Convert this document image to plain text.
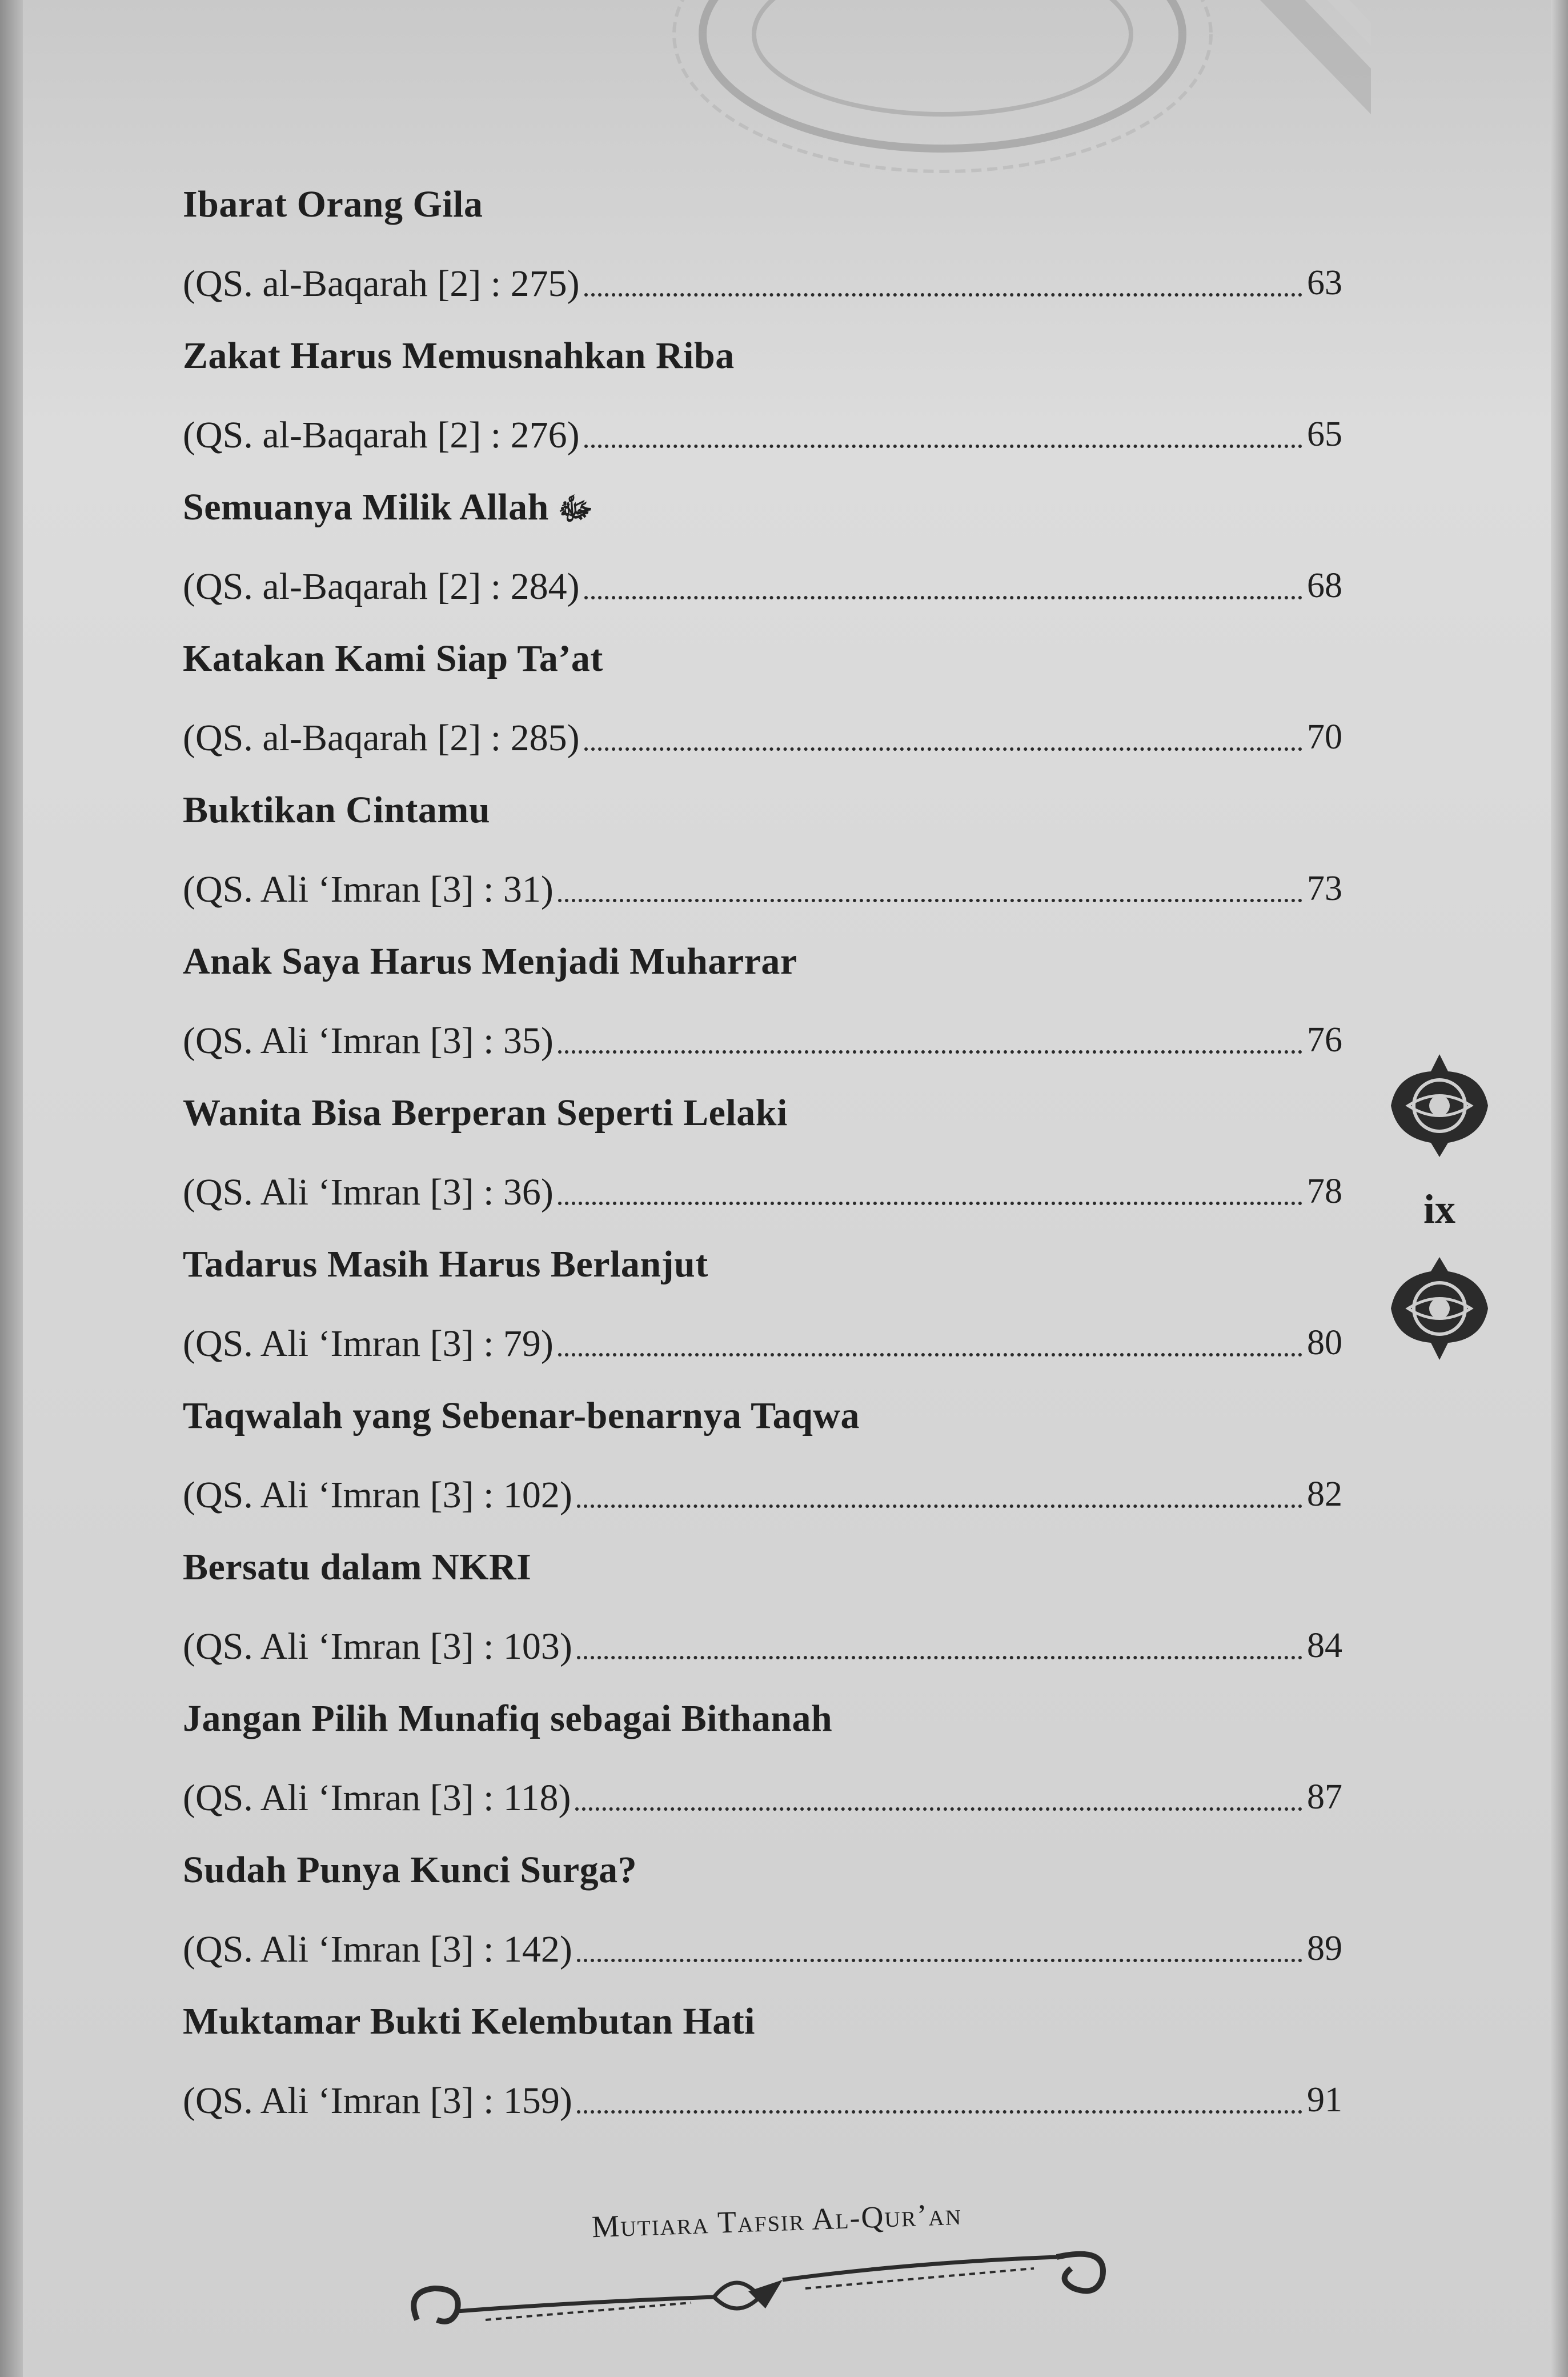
Ibarat Orang Gila
(QS. al-Baqarah [2] : 275)	63
Zakat Harus Memusnahkan Riba
(QS. al-Baqarah [2] : 276)	65
Semuanya Milik Allah ﷻ
(QS. al-Baqarah [2] : 284)	68
Katakan Kami Siap Ta’at
(QS. al-Baqarah [2] : 285)	70
Buktikan Cintamu
(QS. Ali ‘Imran [3] : 31)	73
Anak Saya Harus Menjadi Muharrar
(QS. Ali ‘Imran [3] : 35)	76
Wanita Bisa Berperan Seperti Lelaki
(QS. Ali ‘Imran [3] : 36)	78
Tadarus Masih Harus Berlanjut
(QS. Ali ‘Imran [3] : 79)	80
Taqwalah yang Sebenar-benarnya Taqwa
(QS. Ali ‘Imran [3] : 102)	82
Bersatu dalam NKRI
(QS. Ali ‘Imran [3] : 103)	84
Jangan Pilih Munafiq sebagai Bithanah
(QS. Ali ‘Imran [3] : 118)	87
Sudah Punya Kunci Surga?
(QS. Ali ‘Imran [3] : 142)	89
Muktamar Bukti Kelembutan Hati
(QS. Ali ‘Imran [3] : 159)	91
ix
Mutiara Tafsir Al-Qur’an
